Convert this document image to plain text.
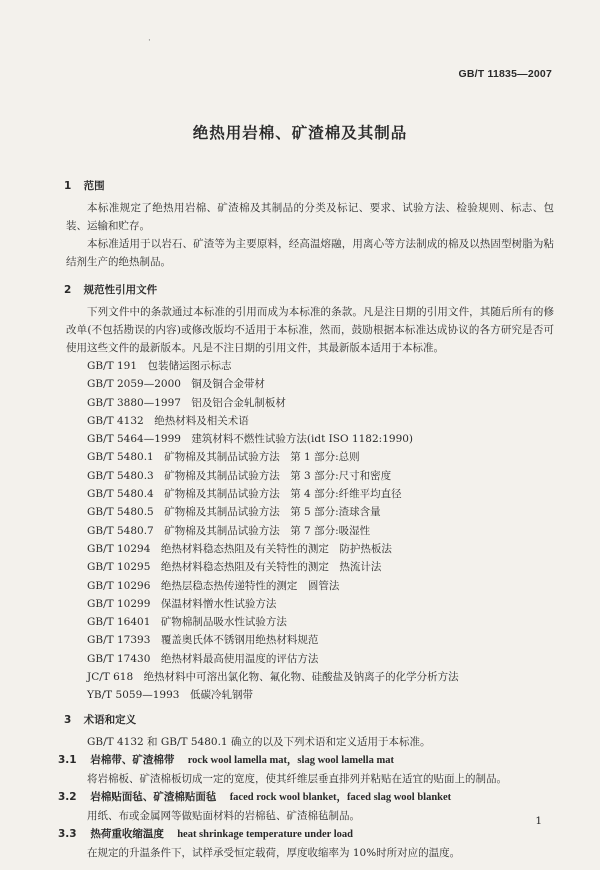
·
GB/T 11835—2007
绝热用岩棉、矿渣棉及其制品
1 范围

本标准规定了绝热用岩棉、矿渣棉及其制品的分类及标记、要求、试验方法、检验规则、标志、包装、运输和贮存。

本标准适用于以岩石、矿渣等为主要原料，经高温熔融，用离心等方法制成的棉及以热固型树脂为粘结剂生产的绝热制品。

2 规范性引用文件

下列文件中的条款通过本标准的引用而成为本标准的条款。凡是注日期的引用文件，其随后所有的修改单(不包括勘误的内容)或修改版均不适用于本标准，然而，鼓励根据本标准达成协议的各方研究是否可使用这些文件的最新版本。凡是不注日期的引用文件，其最新版本适用于本标准。

GB/T 191　包装储运图示标志
GB/T 2059—2000　铜及铜合金带材
GB/T 3880—1997　铝及铝合金轧制板材
GB/T 4132　绝热材料及相关术语
GB/T 5464—1999　建筑材料不燃性试验方法(idt ISO 1182:1990)
GB/T 5480.1　矿物棉及其制品试验方法　第 1 部分:总则
GB/T 5480.3　矿物棉及其制品试验方法　第 3 部分:尺寸和密度
GB/T 5480.4　矿物棉及其制品试验方法　第 4 部分:纤维平均直径
GB/T 5480.5　矿物棉及其制品试验方法　第 5 部分:渣球含量
GB/T 5480.7　矿物棉及其制品试验方法　第 7 部分:吸湿性
GB/T 10294　绝热材料稳态热阻及有关特性的测定　防护热板法
GB/T 10295　绝热材料稳态热阻及有关特性的测定　热流计法
GB/T 10296　绝热层稳态热传递特性的测定　圆管法
GB/T 10299　保温材料憎水性试验方法
GB/T 16401　矿物棉制品吸水性试验方法
GB/T 17393　覆盖奥氏体不锈钢用绝热材料规范
GB/T 17430　绝热材料最高使用温度的评估方法
JC/T 618　绝热材料中可溶出氯化物、氟化物、硅酸盐及钠离子的化学分析方法
YB/T 5059—1993　低碳冷轧钢带
3 术语和定义

GB/T 4132 和 GB/T 5480.1 确立的以及下列术语和定义适用于本标准。

3.1 岩棉带、矿渣棉带 rock wool lamella mat，slag wool lamella mat

将岩棉板、矿渣棉板切成一定的宽度，使其纤维层垂直排列并粘贴在适宜的贴面上的制品。

3.2 岩棉贴面毡、矿渣棉贴面毡 faced rock wool blanket，faced slag wool blanket

用纸、布或金属网等做贴面材料的岩棉毡、矿渣棉毡制品。

3.3 热荷重收缩温度 heat shrinkage temperature under load

在规定的升温条件下，试样承受恒定载荷，厚度收缩率为 10%时所对应的温度。

1
